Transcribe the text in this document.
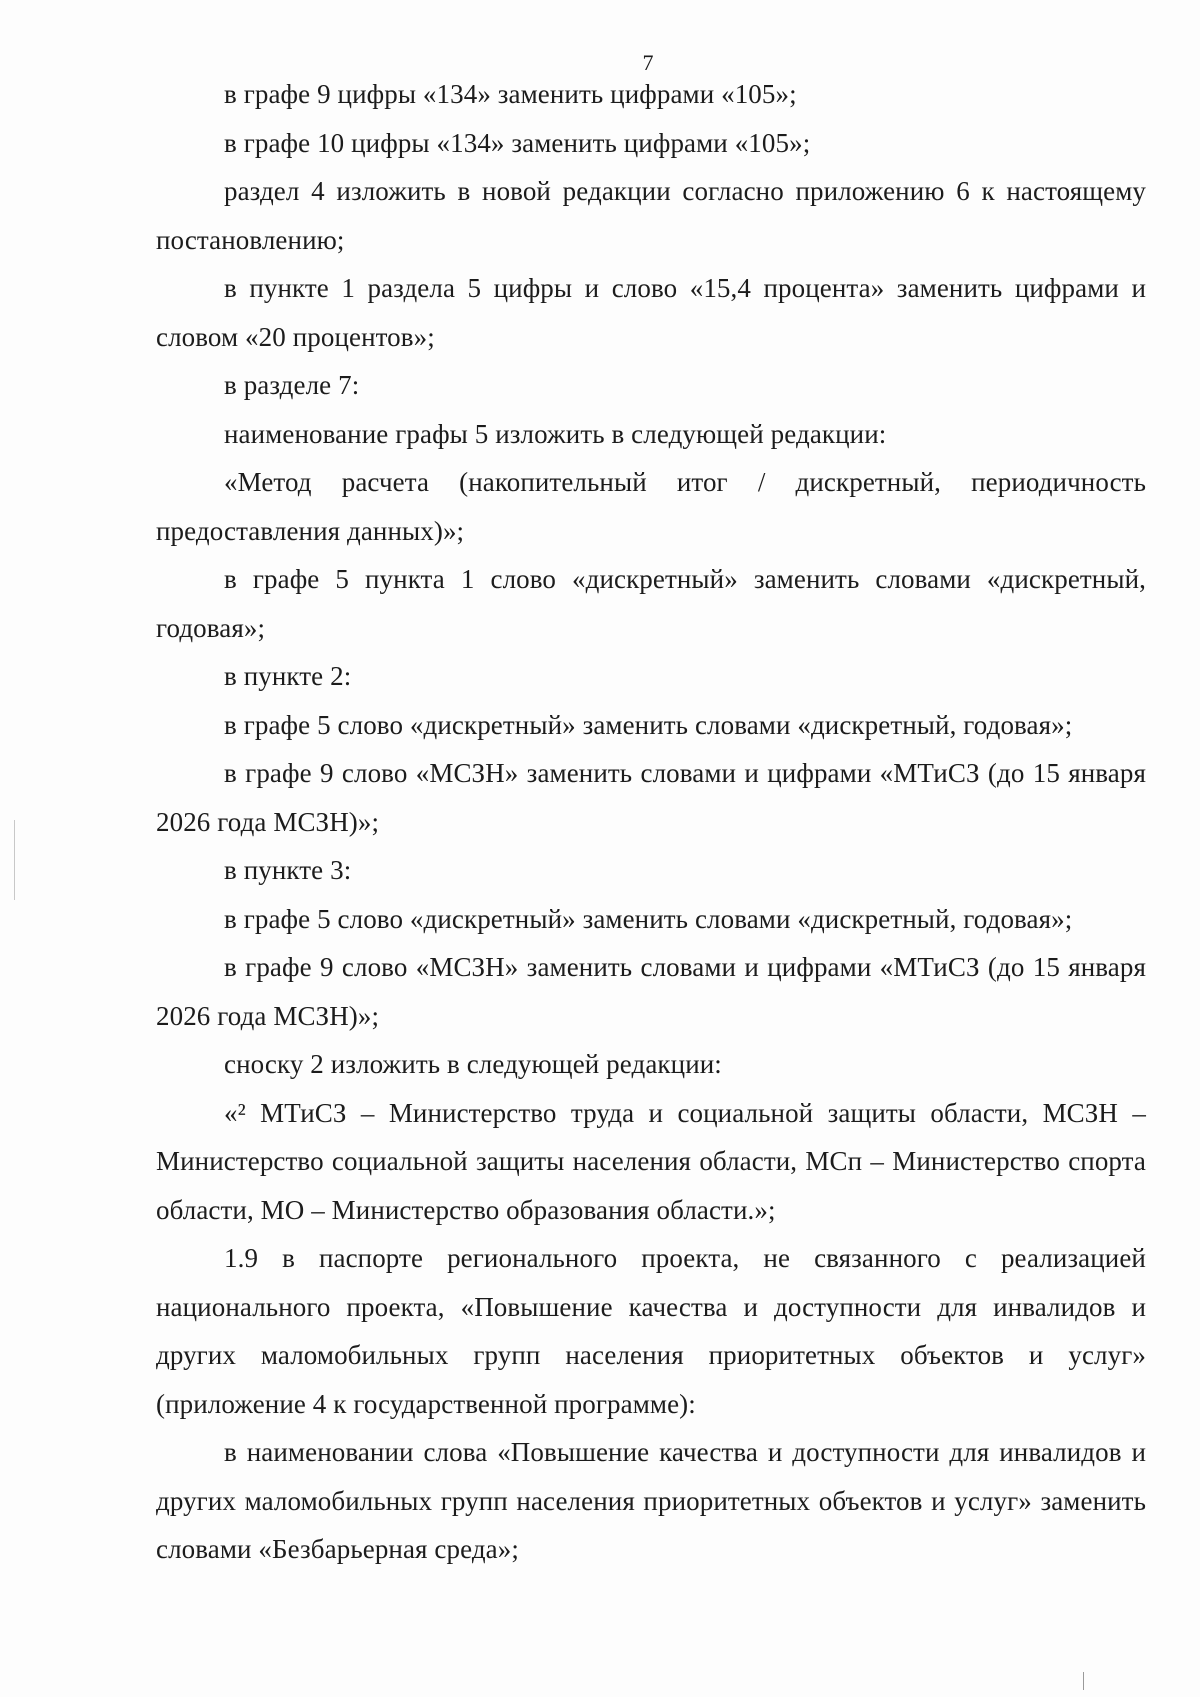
7

в графе 9 цифры «134» заменить цифрами «105»;

в графе 10 цифры «134» заменить цифрами «105»;

раздел 4 изложить в новой редакции согласно приложению 6 к настоящему постановлению;

в пункте 1 раздела 5 цифры и слово «15,4 процента» заменить цифрами и словом «20 процентов»;

в разделе 7:

наименование графы 5 изложить в следующей редакции:

«Метод расчета (накопительный итог / дискретный, периодичность предоставления данных)»;

в графе 5 пункта 1 слово «дискретный» заменить словами «дискретный, годовая»;

в пункте 2:

в графе 5 слово «дискретный» заменить словами «дискретный, годовая»;

в графе 9 слово «МСЗН» заменить словами и цифрами «МТиСЗ (до 15 января 2026 года МСЗН)»;

в пункте 3:

в графе 5 слово «дискретный» заменить словами «дискретный, годовая»;

в графе 9 слово «МСЗН» заменить словами и цифрами «МТиСЗ (до 15 января 2026 года МСЗН)»;

сноску 2 изложить в следующей редакции:

«² МТиСЗ – Министерство труда и социальной защиты области, МСЗН – Министерство социальной защиты населения области, МСп – Министерство спорта области, МО – Министерство образования области.»;

1.9 в паспорте регионального проекта, не связанного с реализацией национального проекта, «Повышение качества и доступности для инвалидов и других маломобильных групп населения приоритетных объектов и услуг» (приложение 4 к государственной программе):

в наименовании слова «Повышение качества и доступности для инвалидов и других маломобильных групп населения приоритетных объектов и услуг» заменить словами «Безбарьерная среда»;
